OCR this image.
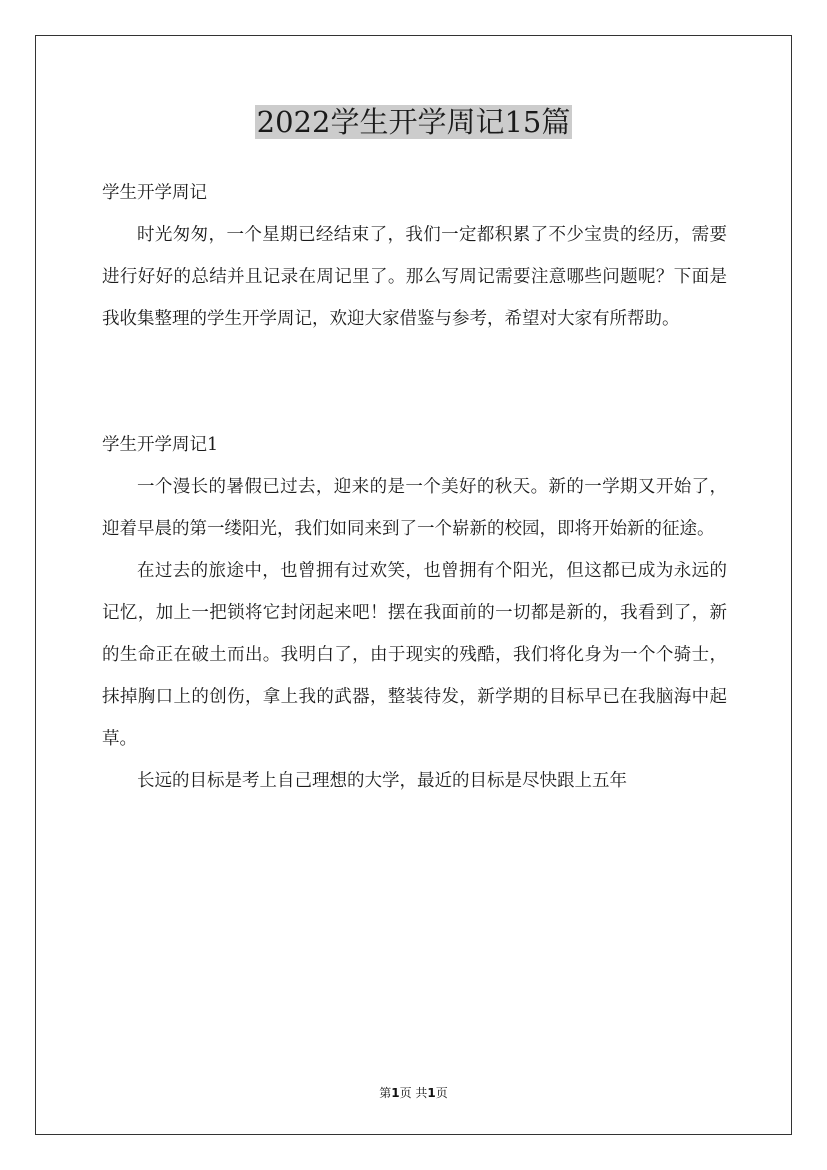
2022学生开学周记15篇

学生开学周记

时光匆匆，一个星期已经结束了，我们一定都积累了不少宝贵的经历，需要进行好好的总结并且记录在周记里了。那么写周记需要注意哪些问题呢？下面是我收集整理的学生开学周记，欢迎大家借鉴与参考，希望对大家有所帮助。

学生开学周记1

一个漫长的暑假已过去，迎来的是一个美好的秋天。新的一学期又开始了，迎着早晨的第一缕阳光，我们如同来到了一个崭新的校园，即将开始新的征途。

在过去的旅途中，也曾拥有过欢笑，也曾拥有个阳光，但这都已成为永远的记忆，加上一把锁将它封闭起来吧！摆在我面前的一切都是新的，我看到了，新的生命正在破土而出。我明白了，由于现实的残酷，我们将化身为一个个骑士，抹掉胸口上的创伤，拿上我的武器，整装待发，新学期的目标早已在我脑海中起草。

长远的目标是考上自己理想的大学，最近的目标是尽快跟上五年

第1页 共1页
